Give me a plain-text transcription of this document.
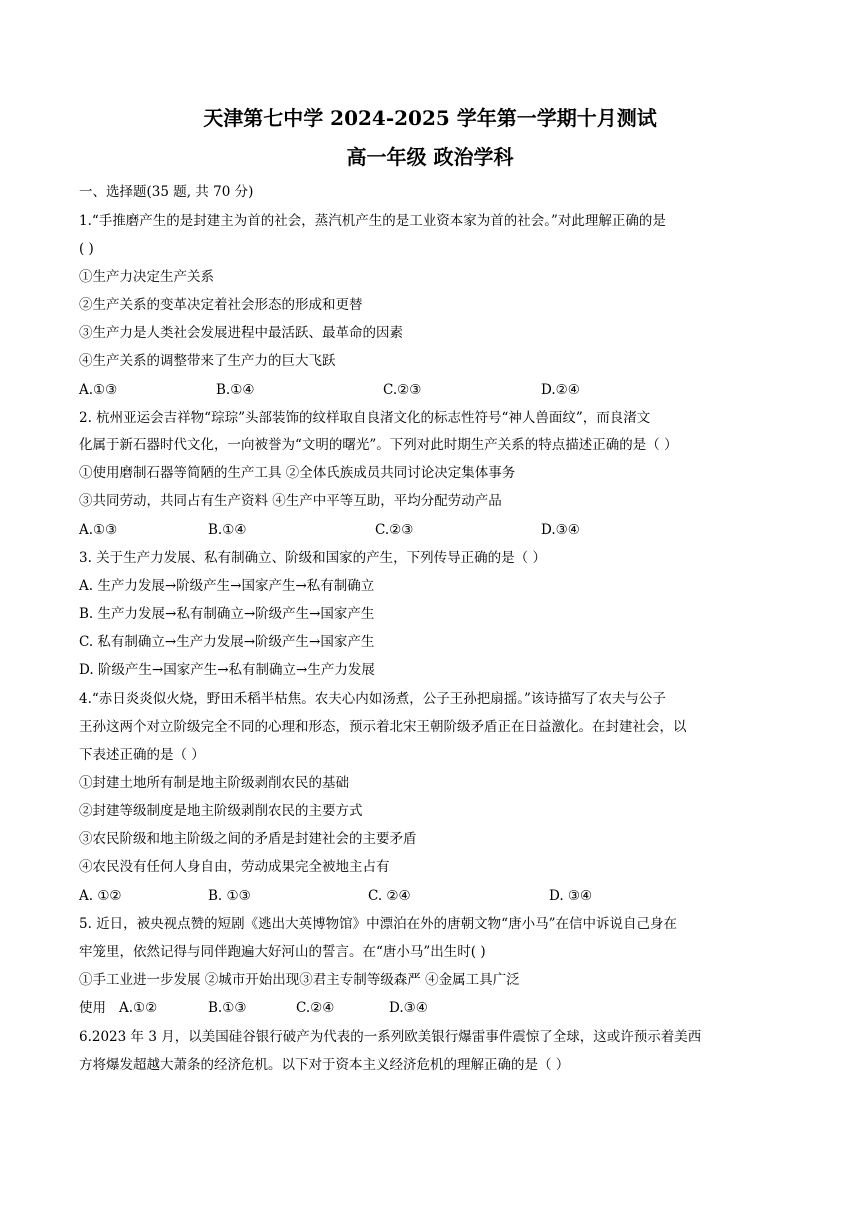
天津第七中学 2024-2025 学年第一学期十月测试
高一年级 政治学科
一、选择题(35 题, 共 70 分)
1.“手推磨产生的是封建主为首的社会，蒸汽机产生的是工业资本家为首的社会。”对此理解正确的是
( )
①生产力决定生产关系
②生产关系的变革决定着社会形态的形成和更替
③生产力是人类社会发展进程中最活跃、最革命的因素
④生产关系的调整带来了生产力的巨大飞跃
A.①③	B.①④	C.②③	D.②④
2. 杭州亚运会吉祥物“琮琮”头部装饰的纹样取自良渚文化的标志性符号“神人兽面纹”，而良渚文
化属于新石器时代文化，一向被誉为“文明的曙光”。下列对此时期生产关系的特点描述正确的是（ ）
①使用磨制石器等简陋的生产工具 ②全体氏族成员共同讨论决定集体事务
③共同劳动，共同占有生产资料 ④生产中平等互助，平均分配劳动产品
A.①③	B.①④	C.②③	D.③④
3. 关于生产力发展、私有制确立、阶级和国家的产生，下列传导正确的是（ ）
A. 生产力发展→阶级产生→国家产生→私有制确立
B. 生产力发展→私有制确立→阶级产生→国家产生
C. 私有制确立→生产力发展→阶级产生→国家产生
D. 阶级产生→国家产生→私有制确立→生产力发展
4.“赤日炎炎似火烧，野田禾稻半枯焦。农夫心内如汤煮，公子王孙把扇摇。”该诗描写了农夫与公子
王孙这两个对立阶级完全不同的心理和形态，预示着北宋王朝阶级矛盾正在日益激化。在封建社会，以
下表述正确的是（ ）
①封建土地所有制是地主阶级剥削农民的基础
②封建等级制度是地主阶级剥削农民的主要方式
③农民阶级和地主阶级之间的矛盾是封建社会的主要矛盾
④农民没有任何人身自由，劳动成果完全被地主占有
A. ①②	B. ①③	C. ②④	D. ③④
5. 近日，被央视点赞的短剧《逃出大英博物馆》中漂泊在外的唐朝文物“唐小马”在信中诉说自己身在
牢笼里，依然记得与同伴跑遍大好河山的誓言。在“唐小马”出生时( )
①手工业进一步发展 ②城市开始出现③君主专制等级森严 ④金属工具广泛
使用 A.①②	B.①③	C.②④	D.③④
6.2023 年 3 月，以美国硅谷银行破产为代表的一系列欧美银行爆雷事件震惊了全球，这或许预示着美西
方将爆发超越大萧条的经济危机。以下对于资本主义经济危机的理解正确的是（ ）
